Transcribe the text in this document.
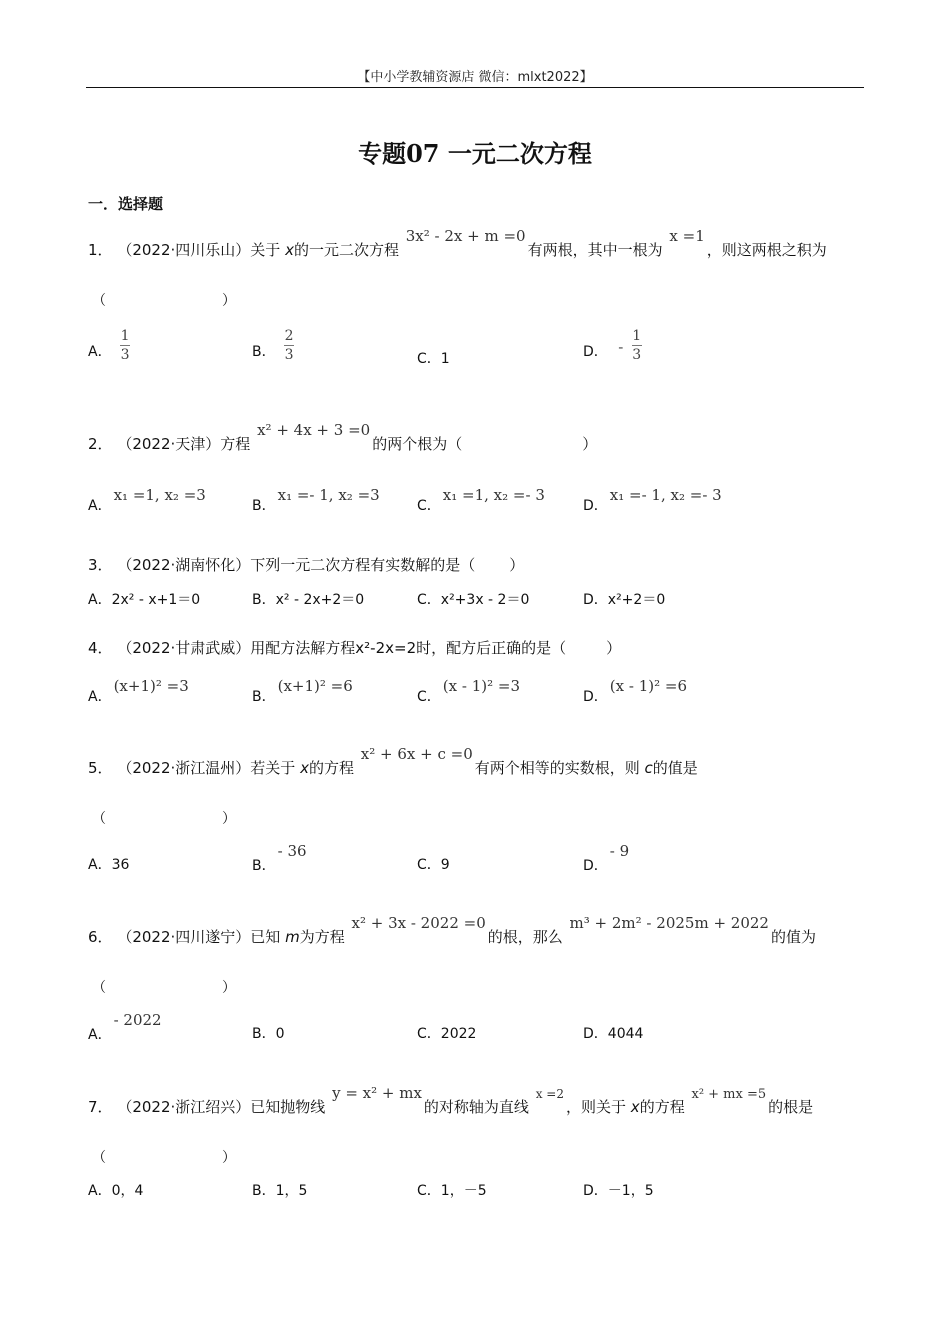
【中小学教辅资源店 微信：mlxt2022】
专题07 一元二次方程
一．选择题
1． （2022·四川乐山）关于 x的一元二次方程 3x² - 2x + m =0有两根，其中一根为 x =1，则这两根之积为
（	）
A． $\frac{1}{3}$	B． $\frac{2}{3}$	C．1	D． - $\frac{1}{3}$
2． （2022·天津）方程 x² + 4x + 3 =0的两个根为（	）
A．x₁ =1, x₂ =3
B．x₁ =- 1, x₂ =3
C．x₁ =1, x₂ =- 3
D．x₁ =- 1, x₂ =- 3
3． （2022·湖南怀化）下列一元二次方程有实数解的是（ ）
A．2x² - x+1＝0	B．x² - 2x+2＝0	C．x²+3x - 2＝0	D．x²+2＝0
4． （2022·甘肃武威）用配方法解方程x²-2x=2时，配方后正确的是（	）
A．(x+1)² =3
B．(x+1)² =6
C．(x - 1)² =3
D．(x - 1)² =6
5． （2022·浙江温州）若关于 x的方程 x² + 6x + c =0有两个相等的实数根，则 c的值是
（	）
A．36	B．- 36
C．9	D．- 9
6． （2022·四川遂宁）已知 m为方程 x² + 3x - 2022 =0的根，那么 m³ + 2m² - 2025m + 2022的值为
（	）
A．- 2022
B．0	C．2022	D．4044
7． （2022·浙江绍兴）已知抛物线 y = x² + mx的对称轴为直线 x =2，则关于 x的方程 x² + mx =5的根是
（	）
A．0，4	B．1，5	C．1，－5	D．－1，5
